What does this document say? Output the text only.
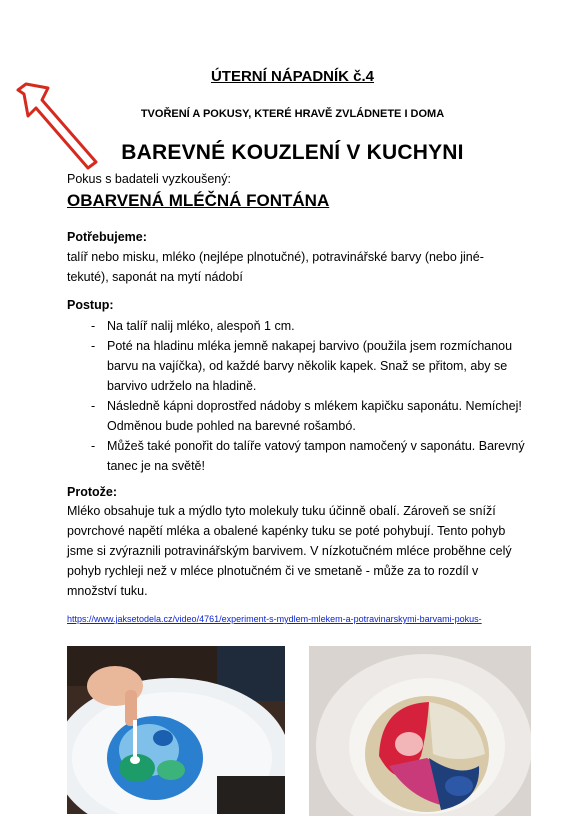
ÚTERNÍ NÁPADNÍK č.4
TVOŘENÍ A POKUSY, KTERÉ HRAVĚ ZVLÁDNETE I DOMA
BAREVNÉ KOUZLENÍ V KUCHYNI
Pokus s badateli vyzkoušený:
OBARVENÁ MLÉČNÁ FONTÁNA
Potřebujeme:
talíř nebo misku, mléko (nejlépe plnotučné), potravinářské barvy (nebo jiné- tekuté), saponát na mytí nádobí
Postup:
- Na talíř nalij mléko, alespoň 1 cm.
- Poté na hladinu mléka jemně nakapej barvivo (použila jsem rozmíchanou barvu na vajíčka), od každé barvy několik kapek. Snaž se přitom, aby se barvivo udrželo na hladině.
- Následně kápni doprostřed nádoby s mlékem kapičku saponátu. Nemíchej! Odměnou bude pohled na barevné rošambó.
- Můžeš také ponořit do talíře vatový tampon namočený v saponátu. Barevný tanec je na světě!
Protože:
Mléko obsahuje tuk a mýdlo tyto molekuly tuku účinně obalí. Zároveň se sníží povrchové napětí mléka a obalené kapénky tuku se poté pohybují. Tento pohyb jsme si zvýraznili potravinářským barvivem. V nízkotučném mléce proběhne celý pohyb rychleji než v mléce plnotučném či ve smetaně - může za to rozdíl v množství tuku.
https://www.jaksetodela.cz/video/4761/experiment-s-mydlem-mlekem-a-potravinarskymi-barvami-pokus-
